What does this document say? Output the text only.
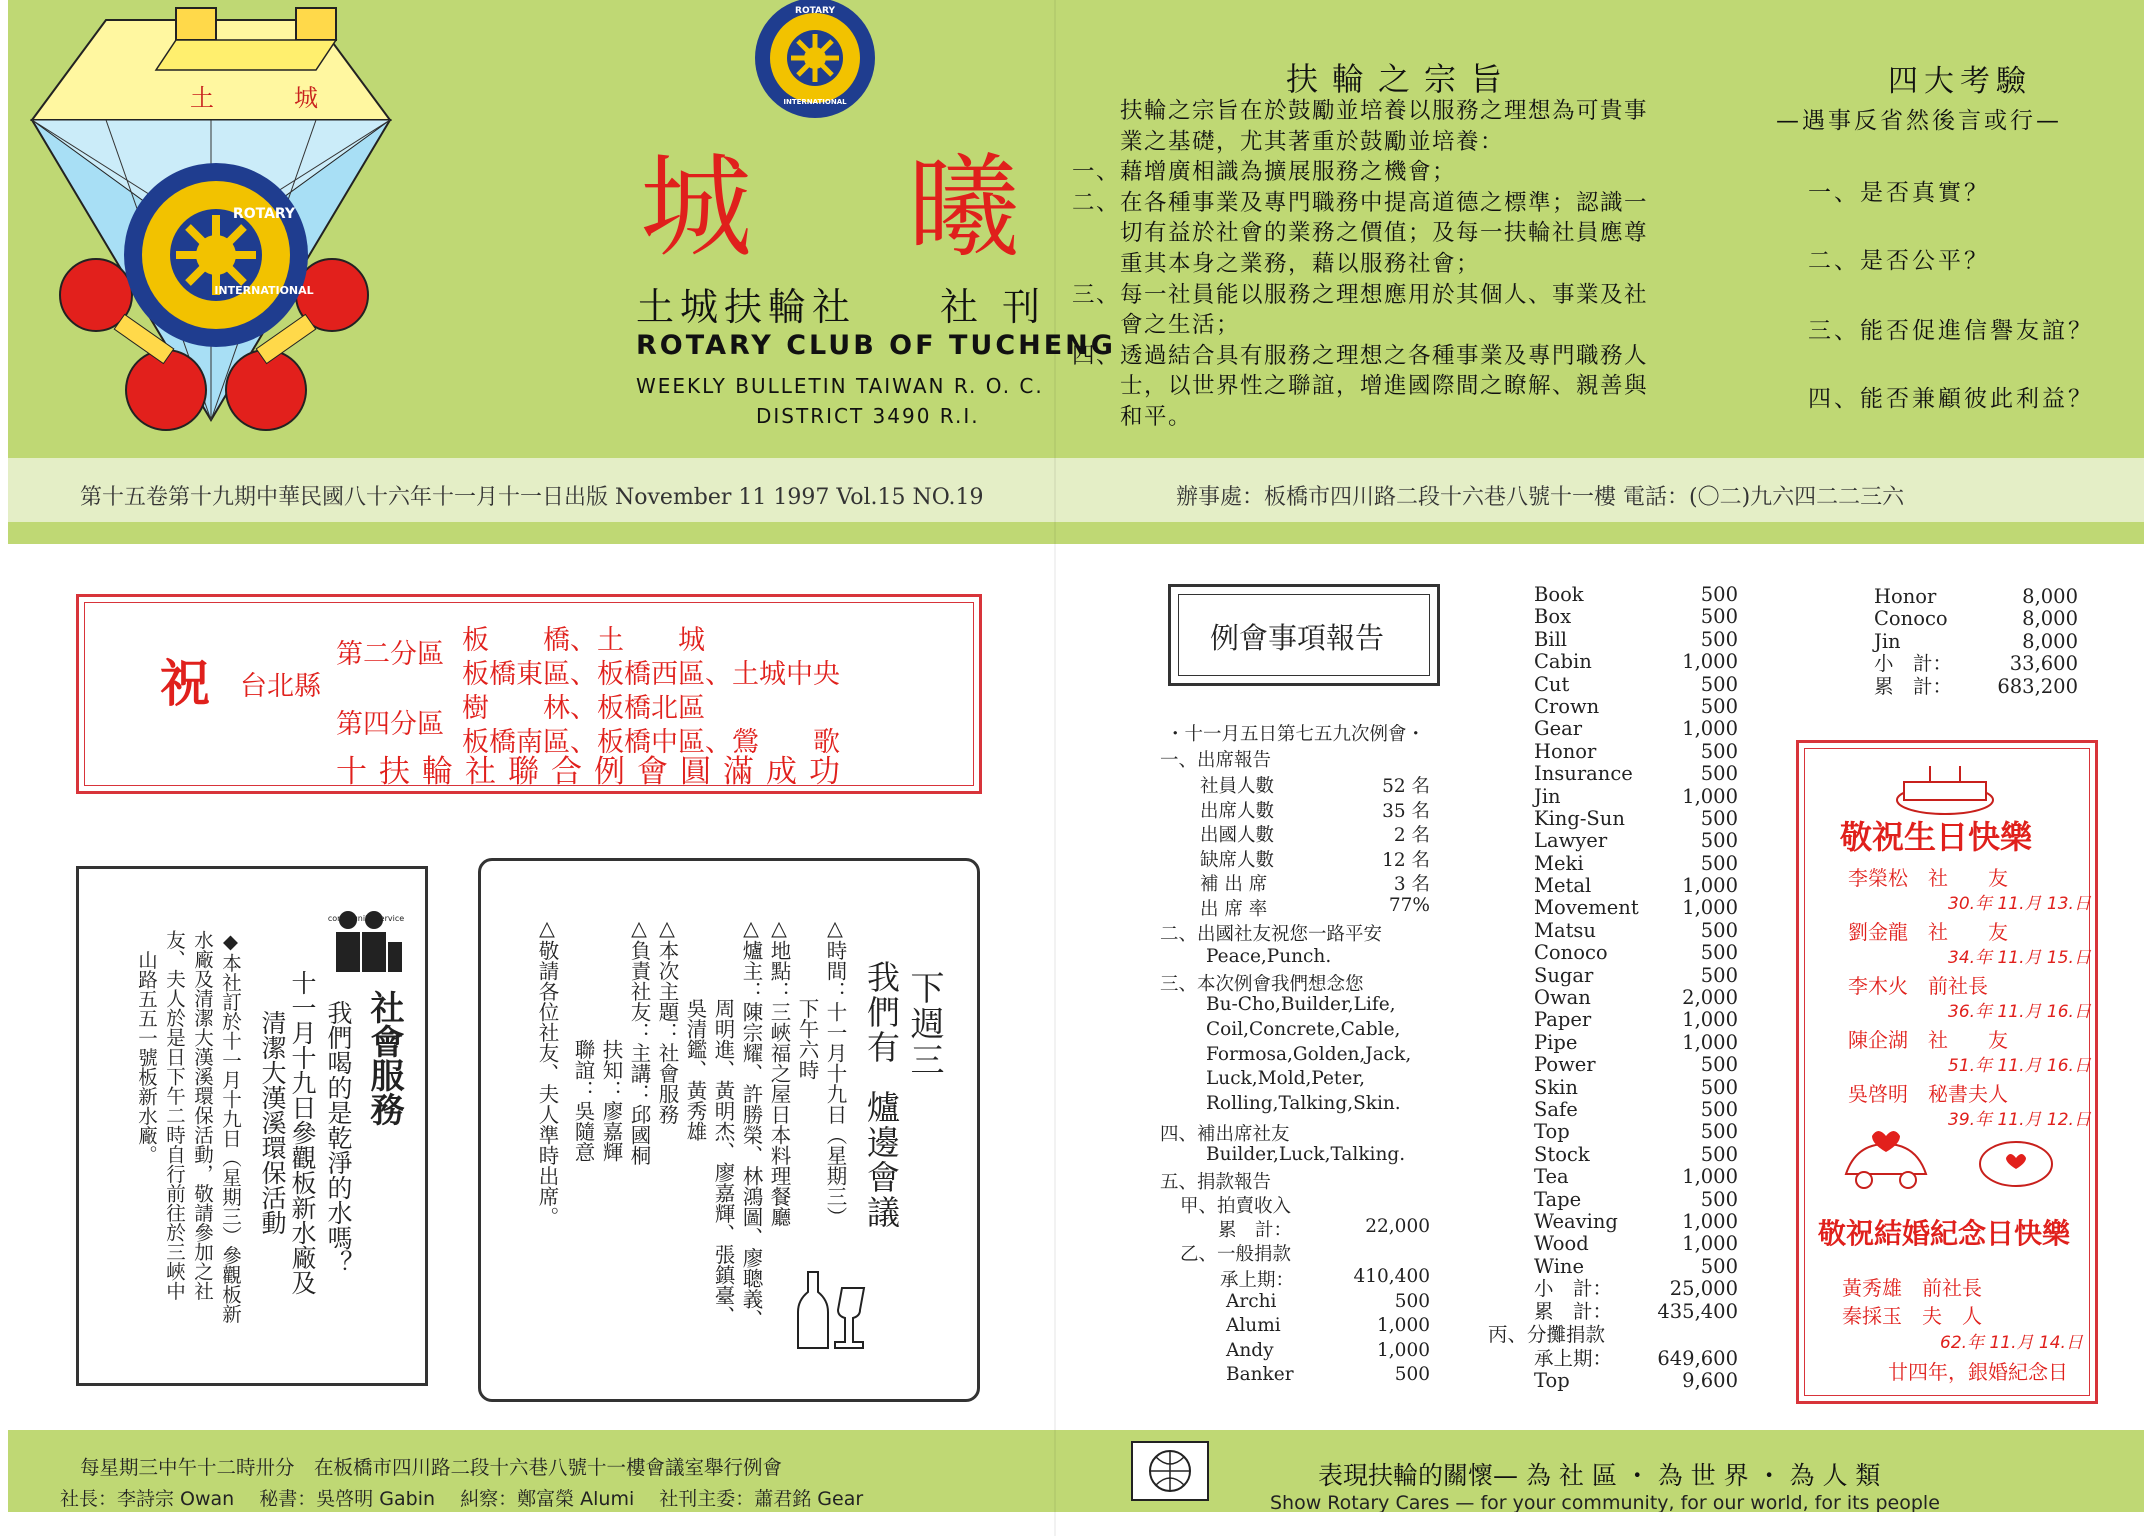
土城
ROTARY
INTERNATIONAL
ROTARY
INTERNATIONAL
城 曦
土城扶輪社 社 刊
ROTARY CLUB OF TUCHENG
WEEKLY BULLETIN TAIWAN R. O. C.
DISTRICT 3490 R.I.
扶輪之宗旨
　　扶輪之宗旨在於鼓勵並培養以服務之理想為可貴事
　　業之基礎，尤其著重於鼓勵並培養：
一、藉增廣相識為擴展服務之機會；
二、在各種事業及專門職務中提高道德之標準；認識一
　　切有益於社會的業務之價值；及每一扶輪社員應尊
　　重其本身之業務，藉以服務社會；
三、每一社員能以服務之理想應用於其個人、事業及社
　　會之生活；
四、透過結合具有服務之理想之各種事業及專門職務人
　　士，以世界性之聯誼，增進國際間之瞭解、親善與
　　和平。
四大考驗
—遇事反省然後言或行—
一、是否真實？
二、是否公平？
三、能否促進信譽友誼？
四、能否兼顧彼此利益？
第十五卷第十九期中華民國八十六年十一月十一日出版 November 11 1997 Vol.15 NO.19	辦事處：板橋市四川路二段十六巷八號十一樓 電話：(〇二)九六四二二三六
祝 台北縣
第二分區 板　　橋、土　　城
板橋東區、板橋西區、土城中央
第四分區
樹　　林、板橋北區
板橋南區、板橋中區、鶯　　歌
十扶輪社聯合例會圓滿成功
community service
社會服務
我們喝的是乾淨的水嗎？
十一月十九日參觀板新水廠及
清潔大漢溪環保活動
◆本社訂於十一月十九日（星期三）參觀板新
水廠及清潔大漢溪環保活動，敬請參加之社
友、夫人於是日下午二時自行前往於三峽中
山路五五一號板新水廠。	下週三
我們有
爐邊會議
△時間：十一月十九日（星期三）
　　　　下午六時
△地點：三峽福之屋日本料理餐廳
△爐主：陳宗耀、許勝榮、林鴻圖、廖聰義、
　　　　周明進、黃明杰、廖嘉輝、張鎮臺、
　　　　吳清鑑、黃秀雄
△本次主題：社會服務
△負責社友：主講：邱國桐
　　　　　　扶知：廖嘉輝
　　　　　　聯誼：吳隨意
△敬請各位社友、夫人準時出席。
例會事項報告
・十一月五日第七五九次例會・
一、出席報告
社員人數	52 名
出席人數	35 名
出國人數	2 名
缺席人數	12 名
補 出 席	3 名
出 席 率	77%
二、出國社友祝您一路平安
Peace,Punch.
三、本次例會我們想念您
Bu-Cho,Builder,Life,
Coil,Concrete,Cable,
Formosa,Golden,Jack,
Luck,Mold,Peter,
Rolling,Talking,Skin.
四、補出席社友
Builder,Luck,Talking.
五、捐款報告
甲、拍賣收入
累　計：	22,000
乙、一般捐款
承上期：	410,400
Archi	500
Alumi	1,000
Andy	1,000
Banker	500
Book	500
Box	500
Bill	500
Cabin	1,000
Cut	500
Crown	500
Gear	1,000
Honor	500
Insurance	500
Jin	1,000
King-Sun	500
Lawyer	500
Meki	500
Metal	1,000
Movement 1,000
Matsu	500
Conoco	500
Sugar	500
Owan	2,000
Paper	1,000
Pipe	1,000
Power	500
Skin	500
Safe	500
Top	500
Stock	500
Tea	1,000
Tape	500
Weaving	1,000
Wood	1,000
Wine	500
小　計：	25,000
累　計： 435,400
丙、分攤捐款
承上期： 649,600
Top	9,600
Honor	8,000
Conoco	8,000
Jin	8,000
小　計：	33,600
累　計： 683,200
敬祝生日快樂
李榮松　社　　友
30.年 11.月 13.日
劉金龍　社　　友
34.年 11.月 15.日
李木火　前社長
36.年 11.月 16.日
陳企湖　社　　友
51.年 11.月 16.日
吳啓明　秘書夫人
39.年 11.月 12.日
敬祝結婚紀念日快樂
黃秀雄　前社長
秦採玉　夫　人
62.年 11.月 14.日
廿四年，銀婚紀念日
每星期三中午十二時卅分　在板橋市四川路二段十六巷八號十一樓會議室舉行例會
社長：李詩宗 Owan　 秘書：吳啓明 Gabin　 糾察：鄭富榮 Alumi　 社刊主委：蕭君銘 Gear
表現扶輪的關懷— 為 社 區 ・ 為 世 界 ・ 為 人 類
Show Rotary Cares — for your community, for our world, for its people
